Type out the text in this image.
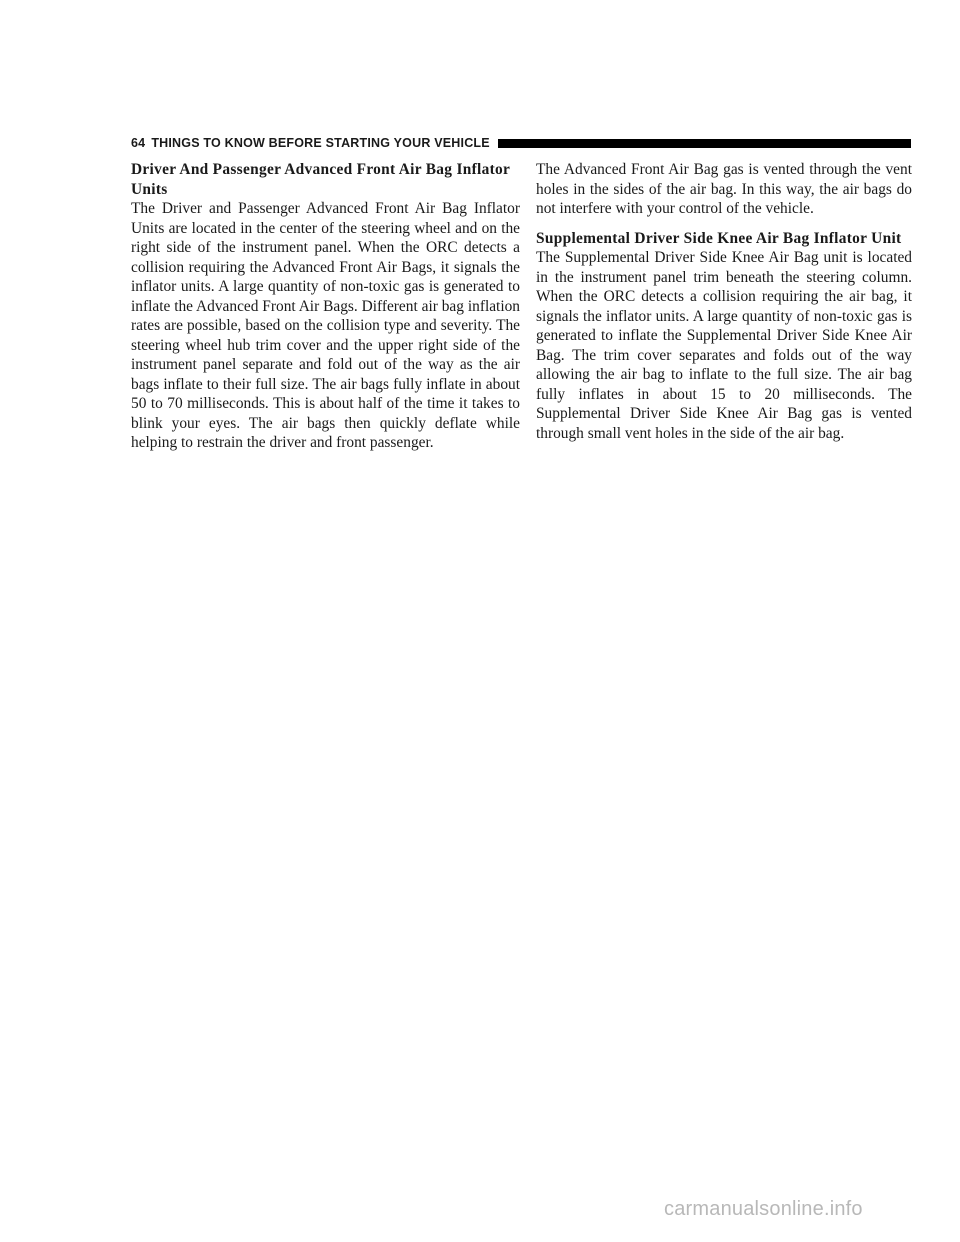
64 THINGS TO KNOW BEFORE STARTING YOUR VEHICLE

Driver And Passenger Advanced Front Air Bag Inflator Units

The Driver and Passenger Advanced Front Air Bag Inflator Units are located in the center of the steering wheel and on the right side of the instrument panel. When the ORC detects a collision requiring the Advanced Front Air Bags, it signals the inflator units. A large quantity of non-toxic gas is generated to inflate the Advanced Front Air Bags. Different air bag inflation rates are possible, based on the collision type and severity. The steering wheel hub trim cover and the upper right side of the instrument panel separate and fold out of the way as the air bags inflate to their full size. The air bags fully inflate in about 50 to 70 milliseconds. This is about half of the time it takes to blink your eyes. The air bags then quickly deflate while helping to restrain the driver and front passenger.

The Advanced Front Air Bag gas is vented through the vent holes in the sides of the air bag. In this way, the air bags do not interfere with your control of the vehicle.

Supplemental Driver Side Knee Air Bag Inflator Unit

The Supplemental Driver Side Knee Air Bag unit is located in the instrument panel trim beneath the steering column. When the ORC detects a collision requiring the air bag, it signals the inflator units. A large quantity of non-toxic gas is generated to inflate the Supplemental Driver Side Knee Air Bag. The trim cover separates and folds out of the way allowing the air bag to inflate to the full size. The air bag fully inflates in about 15 to 20 milliseconds. The Supplemental Driver Side Knee Air Bag gas is vented through small vent holes in the side of the air bag.

carmanualsonline.info
